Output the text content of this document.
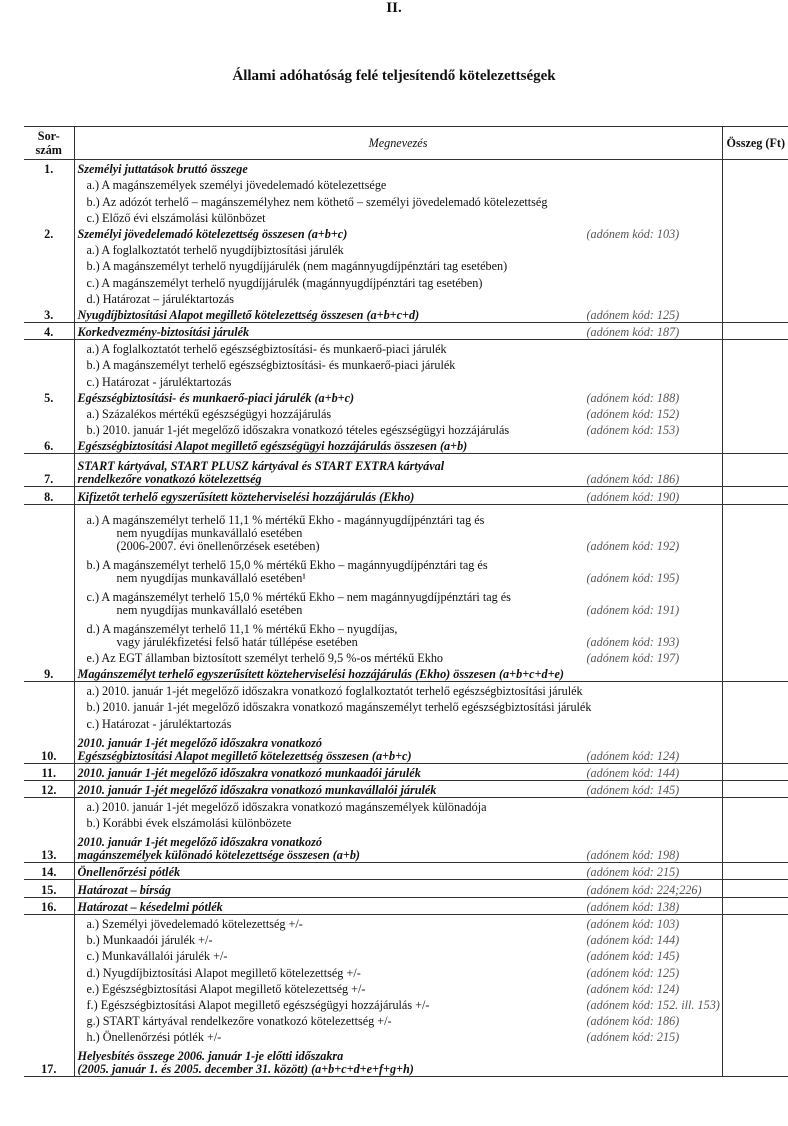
II.
Állami adóhatóság felé teljesítendő kötelezettségek
Sor-
szám	Megnevezés	Összeg (Ft)
1.	Személyi juttatások bruttó összege	

	a.) A magánszemélyek személyi jövedelemadó kötelezettsége	

	b.) Az adózót terhelő – magánszemélyhez nem köthető – személyi jövedelemadó kötelezettség	

	c.) Előző évi elszámolási különbözet	

2.	Személyi jövedelemadó kötelezettség összesen (a+b+c) (adónem kód: 103)	

	a.) A foglalkoztatót terhelő nyugdíjbiztosítási járulék	

	b.) A magánszemélyt terhelő nyugdíjjárulék (nem magánnyugdíjpénztári tag esetében)	

	c.) A magánszemélyt terhelő nyugdíjjárulék (magánnyugdíjpénztári tag esetében)	

	d.) Határozat – járuléktartozás	

3.	Nyugdíjbiztosítási Alapot megillető kötelezettség összesen (a+b+c+d) (adónem kód: 125)	

4.	Korkedvezmény-biztosítási járulék (adónem kód: 187)	

	a.) A foglalkoztatót terhelő egészségbiztosítási- és munkaerő-piaci járulék	

	b.) A magánszemélyt terhelő egészségbiztosítási- és munkaerő-piaci járulék	

	c.) Határozat - járuléktartozás	

5.	Egészségbiztosítási- és munkaerő-piaci járulék (a+b+c) (adónem kód: 188)	

	a.) Százalékos mértékű egészségügyi hozzájárulás (adónem kód: 152)	

	b.) 2010. január 1-jét megelőző időszakra vonatkozó tételes egészségügyi hozzájárulás (adónem kód: 153)	

6.	Egészségbiztosítási Alapot megillető egészségügyi hozzájárulás összesen (a+b)	

7.	START kártyával, START PLUSZ kártyával és START EXTRA kártyával
rendelkezőre vonatkozó kötelezettség (adónem kód: 186)	

8.	Kifizetőt terhelő egyszerűsített közteherviselési hozzájárulás (Ekho) (adónem kód: 190)	

	a.) A magánszemélyt terhelő 11,1 % mértékű Ekho - magánnyugdíjpénztári tag és
nem nyugdíjas munkavállaló esetében
(2006-2007. évi önellenőrzések esetében) (adónem kód: 192)	

	b.) A magánszemélyt terhelő 15,0 % mértékű Ekho – magánnyugdíjpénztári tag és
nem nyugdíjas munkavállaló esetében¹ (adónem kód: 195)	

	c.) A magánszemélyt terhelő 15,0 % mértékű Ekho – nem magánnyugdíjpénztári tag és
nem nyugdíjas munkavállaló esetében (adónem kód: 191)	

	d.) A magánszemélyt terhelő 11,1 % mértékű Ekho – nyugdíjas,
vagy járulékfizetési felső határ túllépése esetében (adónem kód: 193)	

	e.) Az EGT államban biztosított személyt terhelő 9,5 %-os mértékű Ekho (adónem kód: 197)	

9.	Magánszemélyt terhelő egyszerűsített közteherviselési hozzájárulás (Ekho) összesen (a+b+c+d+e)	

	a.) 2010. január 1-jét megelőző időszakra vonatkozó foglalkoztatót terhelő egészségbiztosítási járulék	

	b.) 2010. január 1-jét megelőző időszakra vonatkozó magánszemélyt terhelő egészségbiztosítási járulék	

	c.) Határozat - járuléktartozás	

10.	2010. január 1-jét megelőző időszakra vonatkozó
Egészségbiztosítási Alapot megillető kötelezettség összesen (a+b+c) (adónem kód: 124)	

11.	2010. január 1-jét megelőző időszakra vonatkozó munkaadói járulék (adónem kód: 144)	

12.	2010. január 1-jét megelőző időszakra vonatkozó munkavállalói járulék (adónem kód: 145)	

	a.) 2010. január 1-jét megelőző időszakra vonatkozó magánszemélyek különadója	

	b.) Korábbi évek elszámolási különbözete	

13.	2010. január 1-jét megelőző időszakra vonatkozó
magánszemélyek különadó kötelezettsége összesen (a+b) (adónem kód: 198)	

14.	Önellenőrzési pótlék (adónem kód: 215)	

15.	Határozat – bírság (adónem kód: 224;226)	

16.	Határozat – késedelmi pótlék (adónem kód: 138)	

	a.) Személyi jövedelemadó kötelezettség +/- (adónem kód: 103)	

	b.) Munkaadói járulék +/- (adónem kód: 144)	

	c.) Munkavállalói járulék +/- (adónem kód: 145)	

	d.) Nyugdíjbiztosítási Alapot megillető kötelezettség +/- (adónem kód: 125)	

	e.) Egészségbiztosítási Alapot megillető kötelezettség +/- (adónem kód: 124)	

	f.) Egészségbiztosítási Alapot megillető egészségügyi hozzájárulás +/- (adónem kód: 152. ill. 153)	

	g.) START kártyával rendelkezőre vonatkozó kötelezettség +/- (adónem kód: 186)	

	h.) Önellenőrzési pótlék +/- (adónem kód: 215)	

17.	Helyesbítés összege 2006. január 1-je előtti időszakra
(2005. január 1. és 2005. december 31. között) (a+b+c+d+e+f+g+h)	
